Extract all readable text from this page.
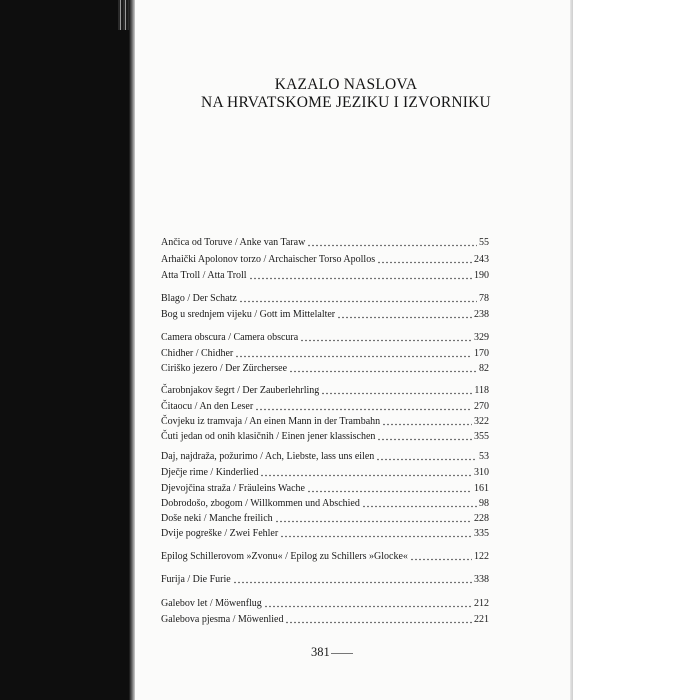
KAZALO NASLOVA
NA HRVATSKOME JEZIKU I IZVORNIKU
Ančica od Toruve / Anke van Taraw	55
Arhaički Apolonov torzo / Archaischer Torso Apollos	243
Atta Troll / Atta Troll	190
Blago / Der Schatz	78
Bog u srednjem vijeku / Gott im Mittelalter	238
Camera obscura / Camera obscura	329
Chidher / Chidher	170
Ciriško jezero / Der Zürchersee	82
Čarobnjakov šegrt / Der Zauberlehrling	118
Čitaocu / An den Leser	270
Čovjeku iz tramvaja / An einen Mann in der Trambahn	322
Čuti jedan od onih klasičnih / Einen jener klassischen	355
Daj, najdraža, požurimo / Ach, Liebste, lass uns eilen	53
Dječje rime / Kinderlied	310
Djevojčina straža / Fräuleins Wache	161
Dobrodošo, zbogom / Willkommen und Abschied	98
Doše neki / Manche freilich	228
Dvije pogreške / Zwei Fehler	335
Epilog Schillerovom »Zvonu« / Epilog zu Schillers »Glocke«	122
Furija / Die Furie	338
Galebov let / Möwenflug	212
Galebova pjesma / Möwenlied	221
381
